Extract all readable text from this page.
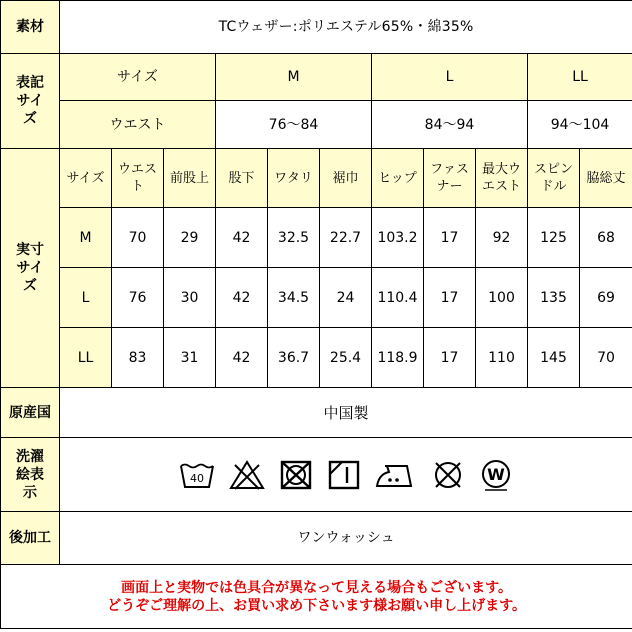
素材	TCウェザー:ポリエステル65%・綿35%										
表記サイズ	サイズ			M			L			LL	
	ウエスト			76〜84			84〜94			94〜104	
実寸サイズ	サイズ	ウエスト	前股上	股下	ワタリ	裾巾	ヒップ	ファスナー	最大ウエスト	スピンドル	脇総丈
	M	70	29	42	32.5	22.7	103.2	17	92	125	68
	L	76	30	42	34.5	24	110.4	17	100	135	69
	LL	83	31	42	36.7	25.4	118.9	17	110	145	70
原産国	中国製										
洗濯絵表示	40 W										

後加工	ワンウォッシュ										

画面上と実物では色具合が異なって見える場合もございます。
どうぞご理解の上、お買い求め下さいます様お願い申し上げます。											
